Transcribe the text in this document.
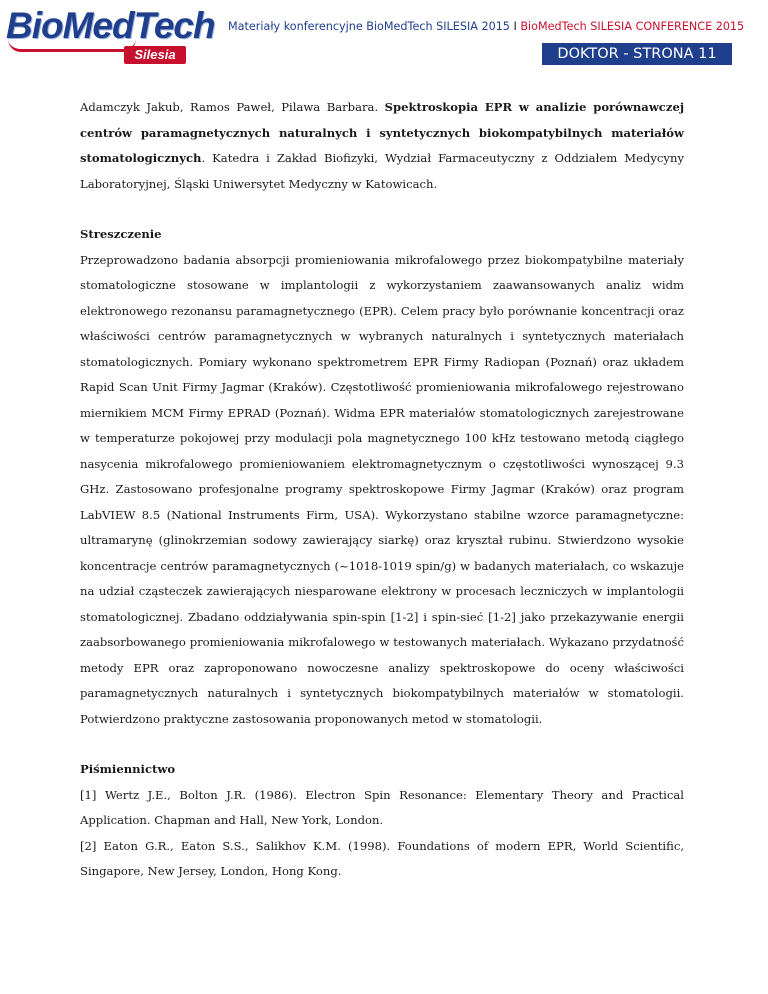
BioMedTech
Silesia
Materiały konferencyjne BioMedTech SILESIA 2015 I BioMedTech SILESIA CONFERENCE 2015
DOKTOR - STRONA 11

Adamczyk Jakub, Ramos Paweł, Pilawa Barbara. Spektroskopia EPR w analizie porównawczej centrów paramagnetycznych naturalnych i syntetycznych biokompatybilnych materiałów stomatologicznych. Katedra i Zakład Biofizyki, Wydział Farmaceutyczny z Oddziałem Medycyny Laboratoryjnej, Śląski Uniwersytet Medyczny w Katowicach.

Streszczenie

Przeprowadzono badania absorpcji promieniowania mikrofalowego przez biokompatybilne materiały stomatologiczne stosowane w implantologii z wykorzystaniem zaawansowanych analiz widm elektronowego rezonansu paramagnetycznego (EPR). Celem pracy było porównanie koncentracji oraz właściwości centrów paramagnetycznych w wybranych naturalnych i syntetycznych materiałach stomatologicznych. Pomiary wykonano spektrometrem EPR Firmy Radiopan (Poznań) oraz układem Rapid Scan Unit Firmy Jagmar (Kraków). Częstotliwość promieniowania mikrofalowego rejestrowano miernikiem MCM Firmy EPRAD (Poznań). Widma EPR materiałów stomatologicznych zarejestrowane w temperaturze pokojowej przy modulacji pola magnetycznego 100 kHz testowano metodą ciągłego nasycenia mikrofalowego promieniowaniem elektromagnetycznym o częstotliwości wynoszącej 9.3 GHz. Zastosowano profesjonalne programy spektroskopowe Firmy Jagmar (Kraków) oraz program LabVIEW 8.5 (National Instruments Firm, USA). Wykorzystano stabilne wzorce paramagnetyczne: ultramarynę (glinokrzemian sodowy zawierający siarkę) oraz kryształ rubinu. Stwierdzono wysokie koncentracje centrów paramagnetycznych (~1018-1019 spin/g) w badanych materiałach, co wskazuje na udział cząsteczek zawierających niesparowane elektrony w procesach leczniczych w implantologii stomatologicznej. Zbadano oddziaływania spin-spin [1-2] i spin-sieć [1-2] jako przekazywanie energii zaabsorbowanego promieniowania mikrofalowego w testowanych materiałach. Wykazano przydatność metody EPR oraz zaproponowano nowoczesne analizy spektroskopowe do oceny właściwości paramagnetycznych naturalnych i syntetycznych biokompatybilnych materiałów w stomatologii. Potwierdzono praktyczne zastosowania proponowanych metod w stomatologii.

Piśmiennictwo

[1] Wertz J.E., Bolton J.R. (1986). Electron Spin Resonance: Elementary Theory and Practical Application. Chapman and Hall, New York, London.

[2] Eaton G.R., Eaton S.S., Salikhov K.M. (1998). Foundations of modern EPR, World Scientific, Singapore, New Jersey, London, Hong Kong.
